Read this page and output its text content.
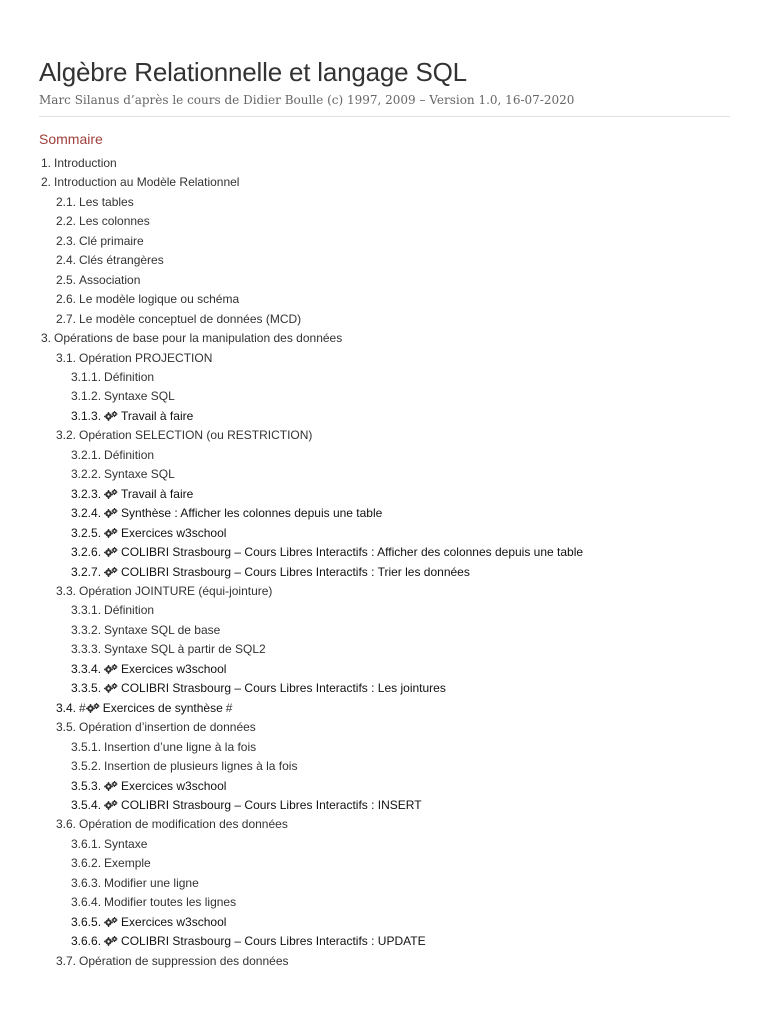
Algèbre Relationnelle et langage SQL
Marc Silanus d’après le cours de Didier Boulle (c) 1997, 2009 – Version 1.0, 16-07-2020
Sommaire
1. Introduction
2. Introduction au Modèle Relationnel
2.1. Les tables
2.2. Les colonnes
2.3. Clé primaire
2.4. Clés étrangères
2.5. Association
2.6. Le modèle logique ou schéma
2.7. Le modèle conceptuel de données (MCD)
3. Opérations de base pour la manipulation des données
3.1. Opération PROJECTION
3.1.1. Définition
3.1.2. Syntaxe SQL
3.1.3. Travail à faire
3.2. Opération SELECTION (ou RESTRICTION)
3.2.1. Définition
3.2.2. Syntaxe SQL
3.2.3. Travail à faire
3.2.4. Synthèse : Afficher les colonnes depuis une table
3.2.5. Exercices w3school
3.2.6. COLIBRI Strasbourg – Cours Libres Interactifs : Afficher des colonnes depuis une table
3.2.7. COLIBRI Strasbourg – Cours Libres Interactifs : Trier les données
3.3. Opération JOINTURE (équi-jointure)
3.3.1. Définition
3.3.2. Syntaxe SQL de base
3.3.3. Syntaxe SQL à partir de SQL2
3.3.4. Exercices w3school
3.3.5. COLIBRI Strasbourg – Cours Libres Interactifs : Les jointures
3.4. # Exercices de synthèse #
3.5. Opération d’insertion de données
3.5.1. Insertion d’une ligne à la fois
3.5.2. Insertion de plusieurs lignes à la fois
3.5.3. Exercices w3school
3.5.4. COLIBRI Strasbourg – Cours Libres Interactifs : INSERT
3.6. Opération de modification des données
3.6.1. Syntaxe
3.6.2. Exemple
3.6.3. Modifier une ligne
3.6.4. Modifier toutes les lignes
3.6.5. Exercices w3school
3.6.6. COLIBRI Strasbourg – Cours Libres Interactifs : UPDATE
3.7. Opération de suppression des données
